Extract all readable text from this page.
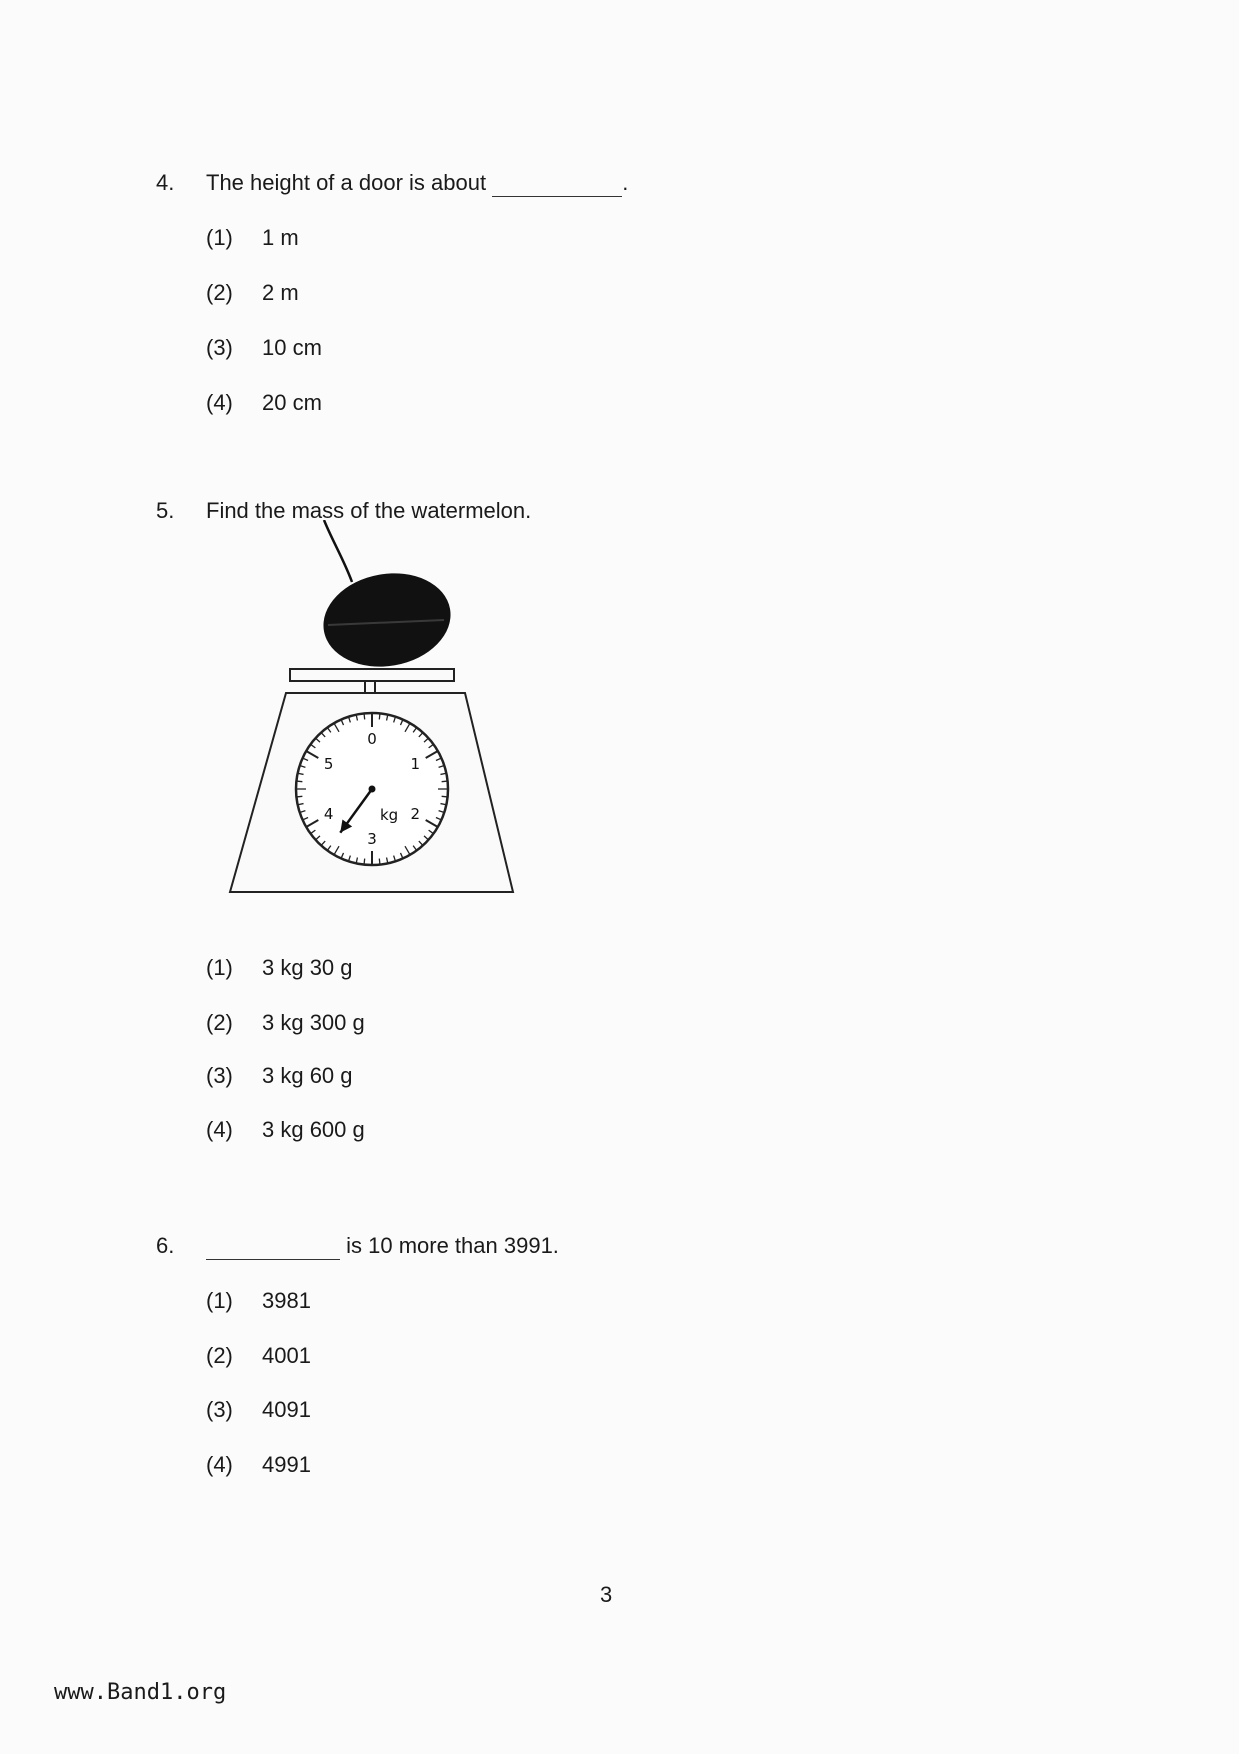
4. The height of a door is about	.
(1) 1 m
(2) 2 m
(3) 10 cm
(4) 20 cm
5. Find the mass of the watermelon.
0
1
2
3
4
5
kg
(1) 3 kg 30 g
(2) 3 kg 300 g
(3) 3 kg 60 g
(4) 3 kg 600 g
6.	is 10 more than 3991.
(1) 3981
(2) 4001
(3) 4091
(4) 4991
3
www.Band1.org
